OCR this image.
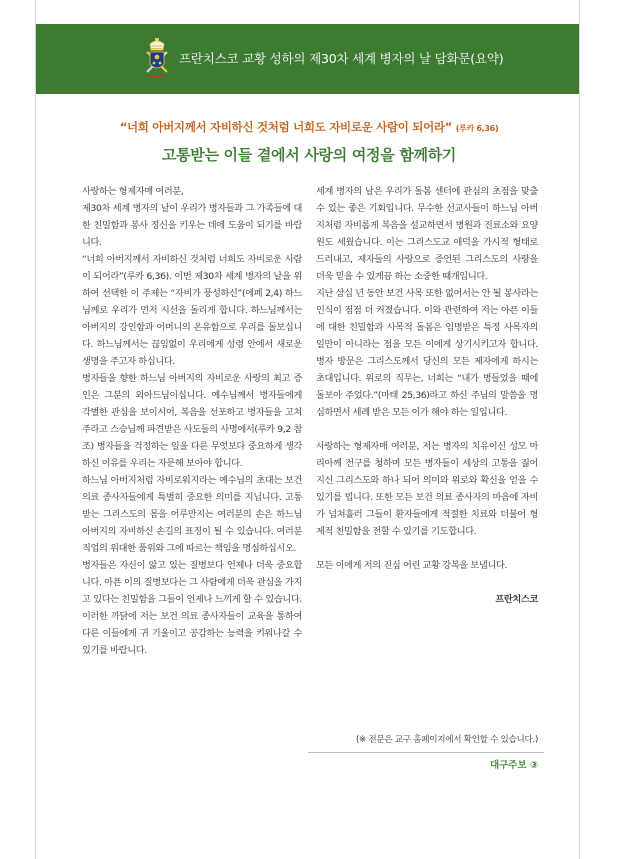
프란치스코 교황 성하의 제30차 세계 병자의 날 담화문(요약)
“너희 아버지께서 자비하신 것처럼 너희도 자비로운 사람이 되어라” (루카 6,36)
고통받는 이들 곁에서 사랑의 여정을 함께하기

사랑하는 형제자매 여러분,

제30차 세계 병자의 날이 우리가 병자들과 그 가족들에 대한 친밀함과 봉사 정신을 키우는 데에 도움이 되기를 바랍니다.

“너희 아버지께서 자비하신 것처럼 너희도 자비로운 사람이 되어라”(루카 6,36). 이번 제30차 세계 병자의 날을 위하여 선택한 이 주제는 “자비가 풍성하신”(에페 2,4) 하느님께로 우리가 먼저 시선을 돌리게 합니다. 하느님께서는 아버지의 강인함과 어머니의 온유함으로 우리를 돌보십니다. 하느님께서는 끊임없이 우리에게 성령 안에서 새로운 생명을 주고자 하십니다.

병자들을 향한 하느님 아버지의 자비로운 사랑의 최고 증인은 그분의 외아드님이십니다. 예수님께서 병자들에게 각별한 관심을 보이시어, 복음을 선포하고 병자들을 고쳐 주라고 스승님께 파견받은 사도들의 사명에서(루카 9,2 참조) 병자들을 걱정하는 일을 다른 무엇보다 중요하게 생각하신 이유를 우리는 자문해 보아야 합니다.

하느님 아버지처럼 자비로워지라는 예수님의 초대는 보건 의료 종사자들에게 특별히 중요한 의미를 지닙니다. 고통받는 그리스도의 몸을 어루만지는 여러분의 손은 하느님 아버지의 자비하신 손길의 표징이 될 수 있습니다. 여러분 직업의 위대한 품위와 그에 따르는 책임을 명심하십시오.

병자들은 자신이 앓고 있는 질병보다 언제나 더욱 중요합니다. 아픈 이의 질병보다는 그 사람에게 더욱 관심을 가지고 있다는 친밀함을 그들이 언제나 느끼게 할 수 있습니다. 이러한 까닭에 저는 보건 의료 종사자들이 교육을 통하여 다른 이들에게 귀 기울이고 공감하는 능력을 키워나갈 수 있기를 바랍니다.

세계 병자의 날은 우리가 돌봄 센터에 관심의 초점을 맞출 수 있는 좋은 기회입니다. 무수한 선교사들이 하느님 아버지처럼 자비롭게 복음을 설교하면서 병원과 진료소와 요양원도 세웠습니다. 이는 그리스도교 애덕을 가시적 형태로 드러내고, 제자들의 사랑으로 증언된 그리스도의 사랑을 더욱 믿을 수 있게끔 하는 소중한 때개입니다.

지난 삼십 년 동안 보건 사목 또한 없어서는 안 될 봉사라는 인식이 점점 더 커졌습니다. 이와 관련하여 저는 아픈 이들에 대한 친밀함과 사목적 돌봄은 임명받은 특정 사목자의 일만이 아니라는 점을 모든 이에게 상기시키고자 합니다. 병자 방문은 그리스도께서 당신의 모든 제자에게 하시는 초대입니다. 위로의 직무는, 너희는 “내가 병들었을 때에 돌보아 주었다.”(마태 25,36)라고 하신 주님의 말씀을 명심하면서 세례 받은 모든 이가 해야 하는 일입니다.

사랑하는 형제자매 여러분, 저는 병자의 치유이신 성모 마리아께 전구를 청하며 모든 병자들이 세상의 고통을 짊어지신 그리스도와 하나 되어 의미와 위로와 확신을 얻을 수 있기를 빕니다. 또한 모든 보건 의료 종사자의 마음에 자비가 넘쳐흘러 그들이 환자들에게 적절한 치료와 더불어 형제적 친밀함을 전할 수 있기를 기도합니다.

모든 이에게 저의 진심 어린 교황 강복을 보냅니다.

프란치스코

(※ 전문은 교구 홈페이지에서 확인할 수 있습니다.)
대구주보 ③
